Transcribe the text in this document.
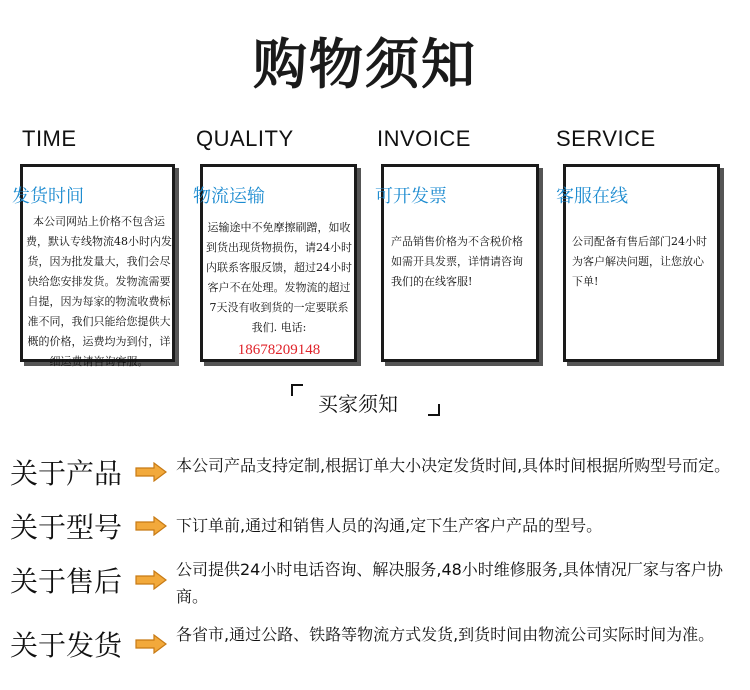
购物须知
TIME	QUALITY	INVOICE	SERVICE
发货时间
本公司网站上价格不包含运费，默认专线物流48小时内发货，因为批发量大，我们会尽快给您安排发货。发物流需要自提，因为每家的物流收费标准不同，我们只能给您提供大概的价格，运费均为到付，详细运费请咨询客服。
物流运输
运输途中不免摩擦刷蹭，如收到货出现货物损伤，请24小时内联系客服反馈，超过24小时客户不在处理。发物流的超过7天没有收到货的一定要联系我们. 电话:
18678209148
可开发票
产品销售价格为不含税价格如需开具发票，详情请咨询我们的在线客服!
客服在线
公司配备有售后部门24小时为客户解决问题，让您放心下单!
买家须知
关于产品	本公司产品支持定制,根据订单大小决定发货时间,具体时间根据所购型号而定。
关于型号	下订单前,通过和销售人员的沟通,定下生产客户产品的型号。
关于售后	公司提供24小时电话咨询、解决服务,48小时维修服务,具体情况厂家与客户协商。
关于发货	各省市,通过公路、铁路等物流方式发货,到货时间由物流公司实际时间为准。
